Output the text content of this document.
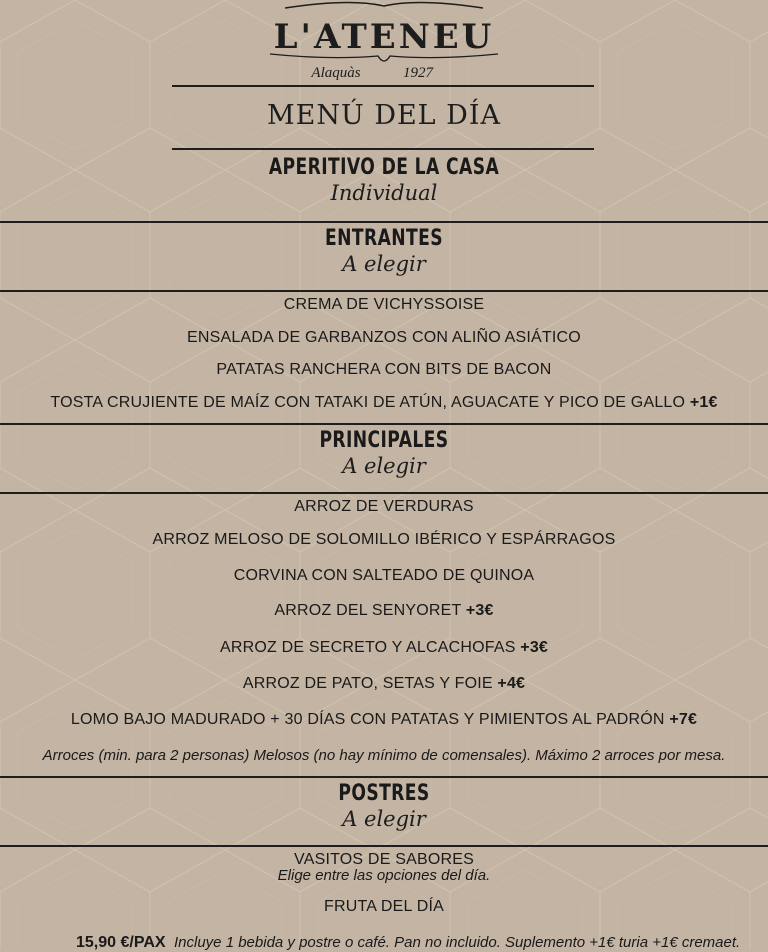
L'ATENEU
Alaquàs	1927
MENÚ DEL DÍA
APERITIVO DE LA CASA
Individual
ENTRANTES
A elegir
CREMA DE VICHYSSOISE
ENSALADA DE GARBANZOS CON ALIÑO ASIÁTICO
PATATAS RANCHERA CON BITS DE BACON
TOSTA CRUJIENTE DE MAÍZ CON TATAKI DE ATÚN, AGUACATE Y PICO DE GALLO +1€
PRINCIPALES
A elegir
ARROZ DE VERDURAS
ARROZ MELOSO DE SOLOMILLO IBÉRICO Y ESPÁRRAGOS
CORVINA CON SALTEADO DE QUINOA
ARROZ DEL SENYORET +3€
ARROZ DE SECRETO Y ALCACHOFAS +3€
ARROZ DE PATO, SETAS Y FOIE +4€
LOMO BAJO MADURADO + 30 DÍAS CON PATATAS Y PIMIENTOS AL PADRÓN +7€
Arroces (min. para 2 personas) Melosos (no hay mínimo de comensales). Máximo 2 arroces por mesa.
POSTRES
A elegir
VASITOS DE SABORES
Elige entre las opciones del día.
FRUTA DEL DÍA
15,90 €/PAX Incluye 1 bebida y postre o café. Pan no incluido. Suplemento +1€ turia +1€ cremaet.
